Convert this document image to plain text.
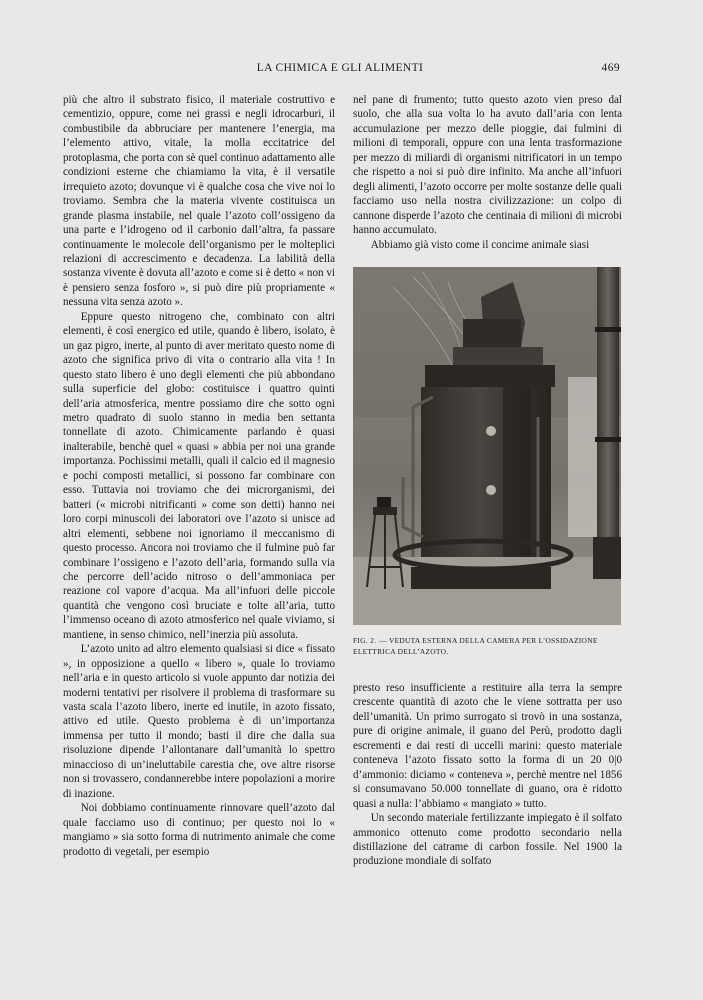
LA CHIMICA E GLI ALIMENTI	469

più che altro il substrato fisico, il materiale costruttivo e cementizio, oppure, come nei grassi e negli idrocarburi, il combustibile da abbruciare per mantenere l’energia, ma l’elemento attivo, vitale, la molla eccitatrice del protoplasma, che porta con sè quel continuo adattamento alle condizioni esterne che chiamiamo la vita, è il versatile irrequieto azoto; dovunque vi è qualche cosa che vive noi lo troviamo. Sembra che la materia vivente costituisca un grande plasma instabile, nel quale l’azoto coll’ossigeno da una parte e l’idrogeno od il carbonio dall’altra, fa passare continuamente le molecole dell’organismo per le molteplici relazioni di accrescimento e decadenza. La labilità della sostanza vivente è dovuta all’azoto e come si è detto « non vi è pensiero senza fosforo », si può dire più propriamente « nessuna vita senza azoto ».

Eppure questo nitrogeno che, combinato con altri elementi, è così energico ed utile, quando è libero, isolato, è un gaz pigro, inerte, al punto di aver meritato questo nome di azoto che significa privo di vita o contrario alla vita ! In questo stato libero è uno degli elementi che più abbondano sulla superficie del globo: costituisce i quattro quinti dell’aria atmosferica, mentre possiamo dire che sotto ogni metro quadrato di suolo stanno in media ben settanta tonnellate di azoto. Chimicamente parlando è quasi inalterabile, benchè quel « quasi » abbia per noi una grande importanza. Pochissimi metalli, quali il calcio ed il magnesio e pochi composti metallici, si possono far combinare con esso. Tuttavia noi troviamo che dei microrganismi, dei batteri (« microbi nitrificanti » come son detti) hanno nei loro corpi minuscoli dei laboratori ove l’azoto si unisce ad altri elementi, sebbene noi ignoriamo il meccanismo di questo processo. Ancora noi troviamo che il fulmine può far combinare l’ossigeno e l’azoto dell’aria, formando sulla via che percorre dell’acido nitroso o dell’ammoniaca per reazione col vapore d’acqua. Ma all’infuori delle piccole quantità che vengono così bruciate e tolte all’aria, tutto l’immenso oceano di azoto atmosferico nel quale viviamo, si mantiene, in senso chimico, nell’inerzia più assoluta.

L’azoto unito ad altro elemento qualsiasi si dice « fissato », in opposizione a quello « libero », quale lo troviamo nell’aria e in questo articolo si vuole appunto dar notizia dei moderni tentativi per risolvere il problema di trasformare su vasta scala l’azoto libero, inerte ed inutile, in azoto fissato, attivo ed utile. Questo problema è di un’importanza immensa per tutto il mondo; basti il dire che dalla sua risoluzione dipende l’allontanare dall’umanità lo spettro minaccioso di un’ineluttabile carestia che, ove altre risorse non si trovassero, condannerebbe intere popolazioni a morire di inazione.

Noi dobbiamo continuamente rinnovare quell’azoto dal quale facciamo uso di continuo; per questo noi lo « mangiamo » sia sotto forma di nutrimento animale che come prodotto di vegetali, per esempio

nel pane di frumento; tutto questo azoto vien preso dal suolo, che alla sua volta lo ha avuto dall’aria con lenta accumulazione per mezzo delle pioggie, dai fulmini di milioni di temporali, oppure con una lenta trasformazione per mezzo di miliardi di organismi nitrificatori in un tempo che rispetto a noi si può dire infinito. Ma anche all’infuori degli alimenti, l’azoto occorre per molte sostanze delle quali facciamo uso nella nostra civilizzazione: un colpo di cannone disperde l’azoto che centinaia di milioni di microbi hanno accumulato.

Abbiamo già visto come il concime animale siasi

FIG. 2. — VEDUTA ESTERNA DELLA CAMERA PER L’OSSIDAZIONE ELETTRICA DELL’AZOTO.

presto reso insufficiente a restituire alla terra la sempre crescente quantità di azoto che le viene sottratta per uso dell’umanità. Un primo surrogato si trovò in una sostanza, pure di origine animale, il guano del Perù, prodotto dagli escrementi e dai resti di uccelli marini: questo materiale conteneva l’azoto fissato sotto la forma di un 20 0|0 d’ammonio: diciamo « conteneva », perchè mentre nel 1856 si consumavano 50.000 tonnellate di guano, ora è ridotto quasi a nulla: l’abbiamo « mangiato » tutto.

Un secondo materiale fertilizzante impiegato è il solfato ammonico ottenuto come prodotto secondario nella distillazione del catrame di carbon fossile. Nel 1900 la produzione mondiale di solfato
